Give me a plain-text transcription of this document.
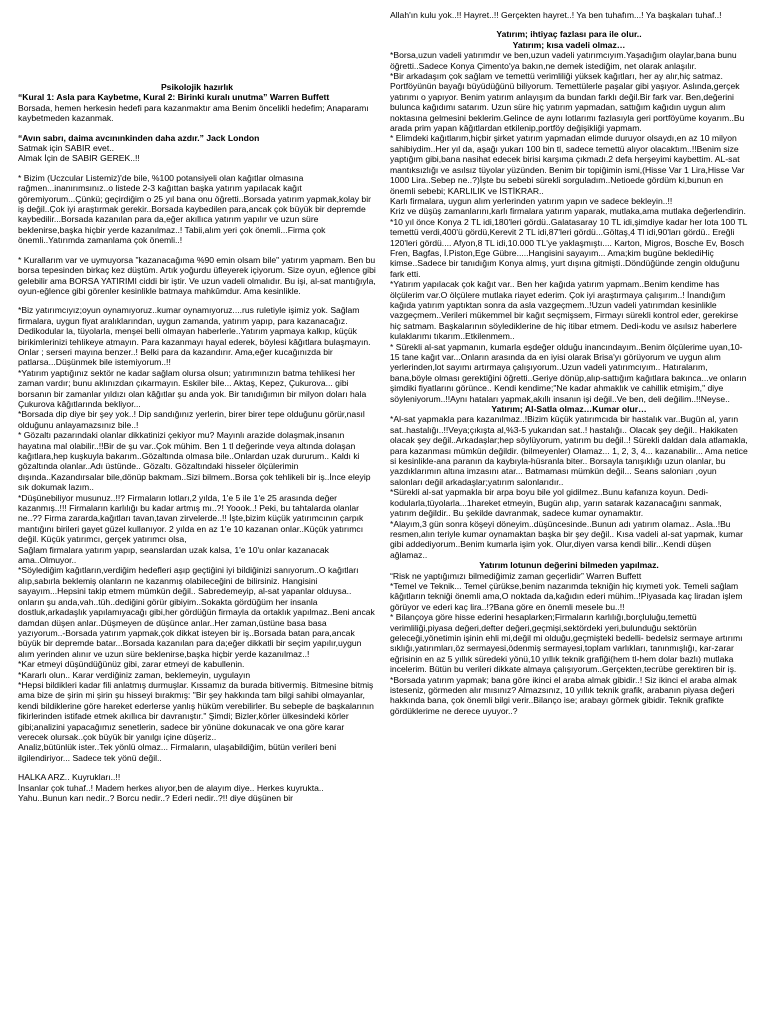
Psikolojik hazırlık

“Kural 1: Asla para Kaybetme, Kural 2: Birinki kuralı unutma” Warren Buffett

Borsada, hemen herkesin hedefi para kazanmaktır ama Benim öncelikli hedefim; Anaparamı kaybetmeden kazanmak.

“Avın sabrı, daima avcınınkinden daha azdır.” Jack London

Satmak için SABIR evet..

Almak İçin de SABIR GEREK..!!

* Bizim (Uczcular Listemiz)'de bile, %100 potansiyeli olan kağıtlar olmasına rağmen...inanırımsınız..o listede 2-3 kağıttan başka yatırım yapılacak kağıt göremiyorum...Çünkü; geçirdiğim o 25 yıl bana onu öğretti..Borsada yatırım yapmak,kolay bir iş değil..Çok iyi araştırmak gerekir..Borsada kaybedilen para,ancak çok büyük bir depremde kaybedilir...Borsada kazanılan para da,eğer akıllıca yatırım yapılır ve uzun süre beklenirse,başka hiçbir yerde kazanılmaz..! Tabii,alım yeri çok önemli...Firma çok önemli..Yatırımda zamanlama çok önemli..!

* Kurallarım var ve uymuyorsa "kazanacağıma %90 emin olsam bile" yatırım yapmam. Ben bu borsa tepesinden birkaç kez düştüm. Artık yoğurdu üfleyerek içiyorum. Size oyun, eğlence gibi gelebilir ama BORSA YATIRIMI ciddi bir iştir. Ve uzun vadeli olmalıdır. Bu işi, al-sat mantığıyla, oyun-eğlence gibi görenler kesinlikle batmaya mahkûmdur. Ama kesinlikle.

*Biz yatırımcıyız;oyun oynamıyoruz..kumar oynamıyoruz....rus ruletiyle işimiz yok. Sağlam firmalara, uygun fiyat aralıklarından, uygun zamanda, yatırım yapıp, para kazanacağız. Dedikodular la, tüyolarla, menşei belli olmayan haberlerle..Yatırım yapmaya kalkıp, küçük birikimlerinizi tehlikeye atmayın. Para kazanmayı hayal ederek, böylesi kâğıtlara bulaşmayın. Onlar ; serseri mayına benzer..! Belki para da kazandırır. Ama,eğer kucağınızda bir patlarsa...Düşünmek bile istemiyorum..!!

*Yatırım yaptığınız sektör ne kadar sağlam olursa olsun; yatırımınızın batma tehlikesi her zaman vardır; bunu aklınızdan çıkarmayın. Eskiler bile... Aktaş, Kepez, Çukurova... gibi borsanın bir zamanlar yıldızı olan kâğıtlar şu anda yok. Bir tanıdığımın bir milyon doları hala Çukurova kâğıtlarında bekliyor...

*Borsada dip diye bir şey yok..! Dip sandığınız yerlerin, birer birer tepe olduğunu görür,nasıl olduğunu anlayamazsınız bile..!

* Gözaltı pazarındaki olanlar dikkatinizi çekiyor mu? Mayınlı arazide dolaşmak,insanın hayatına mal olabilir..!!Bir de şu var..Çok mühim. Ben 1 tl değerinde veya altında dolaşan kağıtlara,hep kuşkuyla bakarım..Gözaltında olmasa bile..Onlardan uzak dururum.. Kaldı ki gözaltında olanlar..Adı üstünde.. Gözaltı. Gözaltındaki hisseler ölçülerimin dışında..Kazandırsalar bile,dönüp bakmam..Sizi bilmem..Borsa çok tehlikeli bir iş..İnce eleyip sık dokumak lazım..

*Düşünebiliyor musunuz..!!? Firmaların lotları,2 yılda, 1'e 5 ile 1'e 25 arasında değer kazanmış..!!! Firmaların karlılığı bu kadar artmış mı..?! Yoook..! Peki, bu tahtalarda olanlar ne..?? Firma zararda,kağıtları tavan,tavan zirvelerde..!! İşte,bizim küçük yatırımcının çarpık mantığını birileri gayet güzel kullanıyor. 2 yılda en az 1'e 10 kazanan onlar..Küçük yatırımcı değil. Küçük yatırımcı, gerçek yatırımcı olsa,

Sağlam firmalara yatırım yapıp, seanslardan uzak kalsa, 1'e 10'u onlar kazanacak ama..Olmuyor..

*Söylediğim kağıtların,verdiğim hedefleri aşıp geçtiğini iyi bildiğinizi sanıyorum..O kağıtları alıp,sabırla beklemiş olanların ne kazanmış olabileceğini de bilirsiniz. Hangisini sayayım...Hepsini takip etmem mümkün değil.. Sabredemeyip, al-sat yapanlar olduysa.. onların şu anda,vah..tüh..dediğini görür gibiyim..Sokakta gördüğüm her insanla dostluk,arkadaşlık yapılamıyacağı gibi,her gördüğün firmayla da ortaklık yapılmaz..Beni ancak damdan düşen anlar..Düşmeyen de düşünce anlar..Her zaman,üstüne basa basa yazıyorum..-Borsada yatırım yapmak,çok dikkat isteyen bir iş..Borsada batan para,ancak büyük bir depremde batar...Borsada kazanılan para da;eğer dikkatli bir seçim yapılır,uygun alım yerinden alınır ve uzun süre beklenirse,başka hiçbir yerde kazanılmaz..!

*Kar etmeyi düşündüğünüz gibi, zarar etmeyi de kabullenin.

*Kararlı olun.. Karar verdiğiniz zaman, beklemeyin, uygulayın

*Hepsi bildikleri kadar fili anlatmış durmuşlar. Kıssamız da burada bitivermiş. Bitmesine bitmiş ama bize de şirin mi şirin şu hisseyi bırakmış: "Bir şey hakkında tam bilgi sahibi olmayanlar, kendi bildiklerine göre hareket ederlerse yanlış hüküm verebilirler. Bu sebeple de başkalarının fikirlerinden istifade etmek akıllıca bir davranıştır." Şimdi; Bizler,körler ülkesindeki körler gibi;analizini yapacağımız senetlerin, sadece bir yönüne dokunacak ve ona göre karar verecek olursak..çok büyük bir yanılgı içine düşeriz..

Analiz,bütünlük ister..Tek yönlü olmaz... Firmaların, ulaşabildiğim, bütün verileri beni ilgilendiriyor... Sadece tek yönü değil..

HALKA ARZ.. Kuyrukları..!!

İnsanlar çok tuhaf..! Madem herkes alıyor,ben de alayım diye.. Herkes kuyrukta..

Yahu..Bunun karı nedir..? Borcu nedir..? Ederi nedir..?!! diye düşünen bir

Allah'ın kulu yok..!! Hayret..!! Gerçekten hayret..! Ya ben tuhafım...! Ya başkaları tuhaf..!

Yatırım; ihtiyaç fazlası para ile olur..

Yatırım; kısa vadeli olmaz…

*Borsa,uzun vadeli yatırımdır ve ben,uzun vadeli yatırımcıyım.Yaşadığım olaylar,bana bunu öğretti..Sadece Konya Çimento'ya bakın,ne demek istediğim, net olarak anlaşılır.

*Bir arkadaşım çok sağlam ve temettü verimliliği yüksek kağıtları, her ay alır,hiç satmaz. Portföyünün bayağı büyüdüğünü biliyorum. Temettülerle paşalar gibi yaşıyor. Aslında,gerçek yatırımı o yapıyor. Benim yatırım anlayışım da bundan farklı değil.Bir fark var. Ben,değerini bulunca kağıdımı satarım. Uzun süre hiç yatırım yapmadan, sattığım kağıdın uygun alım noktasına gelmesini beklerim.Gelince de aynı lotlarımı fazlasıyla geri portföyüme koyarım..Bu arada prim yapan kâğıtlardan etkilenip,portföy değişikliği yapmam.

* Elimdeki kağıtlarım,hiçbir şirket yatırım yapmadan elimde duruyor olsaydı,en az 10 milyon sahibiydim..Her yıl da, aşağı yukarı 100 bin tl, sadece temettü alıyor olacaktım..!!Benim size yaptığım gibi,bana nasihat edecek birisi karşıma çıkmadı.2 defa herşeyimi kaybettim. AL-sat mantıksızlığı ve asılsız tüyolar yüzünden. Benim bir topiğimin ismi,(Hisse Var 1 Lira,Hisse Var 1000 Lira..Sebep ne..?)İşte bu sebebi sürekli sorguladım..Netioede gördüm ki,bunun en önemli sebebi; KARLILIK ve İSTİKRAR..

Karlı firmalara, uygun alım yerlerinden yatırım yapın ve sadece bekleyin..!!

Kriz ve düşüş zamanlarını,karlı firmalara yatırım yaparak, mutlaka,ama mutlaka değerlendirin.

*10 yıl önce Konya 2 TL idi,180'leri gördü..Galatasaray 10 TL idi,şimdiye kadar her lota 100 TL temettü verdi,400'ü gördü,Kerevit 2 TL idi,87'leri gördü...Göltaş,4 Tl idi,90'ları gördü.. Ereğli 120'leri gördü.... Afyon,8 TL idi,10.000 TL'ye yaklaşmıştı.... Karton, Migros, Bosche Ev, Bosch Fren, Bagfas, İ.Piston,Ege Gübre.....Hangisini sayayım... Ama;kim bugüne beklediHiç kimse..Sadece bir tanıdığım Konya almış, yurt dışına gitmişti..Döndüğünde zengin olduğunu fark etti.

*Yatırım yapılacak çok kağıt var.. Ben her kağıda yatırım yapmam..Benim kendime has ölçülerim var.O ölçülere mutlaka riayet ederim. Çok iyi araştırmaya çalışırım..! İnandığım kağıda yatırım yaptıktan sonra da asla vazgeçmem..!Uzun vadeli yatırımdan kesinlikle vazgeçmem..Verileri mükemmel bir kağıt seçmişsem, Firmayı sürekli kontrol eder, gerekirse hiç satmam. Başkalarının söylediklerine de hiç itibar etmem. Dedi-kodu ve asılsız haberlere kulaklarımı tıkarım..Etkilenmem..

* Sürekli al-sat yapmanın, kumarla eşdeğer olduğu inancındayım..Benim ölçülerime uyan,10-15 tane kağıt var...Onların arasında da en iyisi olarak Brisa'yı görüyorum ve uygun alım yerlerinden,lot sayımı artırmaya çalışıyorum..Uzun vadeli yatırımcıyım.. Hatıralarım, bana,böyle olması gerektiğini öğretti..Geriye dönüp,alıp-sattığım kağıtlara bakınca...ve onların şimdiki fiyatlarını görünce.. Kendi kendime;"Ne kadar ahmaklık ve cahillik etmişim," diye söyleniyorum..!!Aynı hataları yapmak,akıllı insanın işi değil..Ve ben, deli değilim..!!Neyse..

Yatırım; Al-Satla olmaz…Kumar olur…

*Al-sat yapmakla para kazanılmaz..!Bizim küçük yatırımcıda bir hastalık var..Bugün al, yarın sat..hastalığı..!!Veya;çıkışta al,%3-5 yukarıdan sat..! hastalığı.. Olacak şey değil.. Hakikaten olacak şey değil..Arkadaşlar;hep söylüyorum, yatırım bu değil..! Sürekli daldan dala atlamakla, para kazanması mümkün değildir. (bilmeyenler) Olamaz... 1, 2, 3, 4... kazanabilir... Ama netice si kesinlikle-ana paranın da kaybıyla-hüsranla biter.. Borsayla tanışıklığı uzun olanlar, bu yazdıklarımın altına imzasını atar... Batmaması mümkün değil... Seans saloniarı ,oyun salonları değil arkadaşlar;yatırım salonlarıdır..

*Sürekli al-sat yapmakla bir arpa boyu bile yol gidilmez..Bunu kafanıza koyun. Dedi-kodularla,tüyolarla...1hareket etmeyin, Bugün alıp, yarın satarak kazanacağını sanmak, yatırım değildir.. Bu şekilde davranmak, sadece kumar oynamaktır.

*Alayım,3 gün sonra köşeyi döneyim..düşüncesinde..Bunun adı yatırım olamaz.. Asla..!Bu resmen,alın teriyle kumar oynamaktan başka bir şey değil.. Kısa vadeli al-sat yapmak, kumar gibi addediyorum..Benim kumarla işim yok. Olur,diyen varsa kendi bilir...Kendi düşen ağlamaz..

Yatırım lotunun değerini bilmeden yapılmaz.

“Risk ne yaptığımızı bilmediğimiz zaman geçerlidir” Warren Buffett

*Temel ve Teknik... Temel çürükse,benim nazarımda tekniğin hiç kıymeti yok. Temeli sağlam kâğıtların tekniği önemli ama,O noktada da,kağıdın ederi mühim..!Piyasada kaç liradan işlem görüyor ve ederi kaç lira..!?Bana göre en önemli mesele bu..!!

* Bilançoya göre hisse ederini hesaplarken;Firmaların karlılığı,borçluluğu,temettü verimliliği,piyasa değeri,defter değeri,geçmişi,sektördeki yeri,bulunduğu sektörün geleceği,yönetimin işinin ehli mi,değil mi olduğu,geçmişteki bedelli- bedelsiz sermaye artırımı sıklığı,yatırımları,öz sermayesi,ödenmiş sermayesi,toplam varlıkları, tanınmışlığı, kar-zarar eğrisinin en az 5 yıllık süredeki yönü,10 yıllık teknik grafiği(hem tl-hem dolar bazlı) mutlaka incelerim. Bütün bu verileri dikkate almaya çalışıyorum..Gerçekten,tecrübe gerektiren bir iş.

*Borsada yatırım yapmak; bana göre ikinci el araba almak gibidir..! Siz ikinci el araba almak isteseniz, görmeden alır mısınız? Almazsınız, 10 yıllık teknik grafik, arabanın piyasa değeri hakkında bana, çok önemli bilgi verir..Bilanço ise; arabayı görmek gibidir. Teknik grafikte gördüklerime ne derece uyuyor..?
